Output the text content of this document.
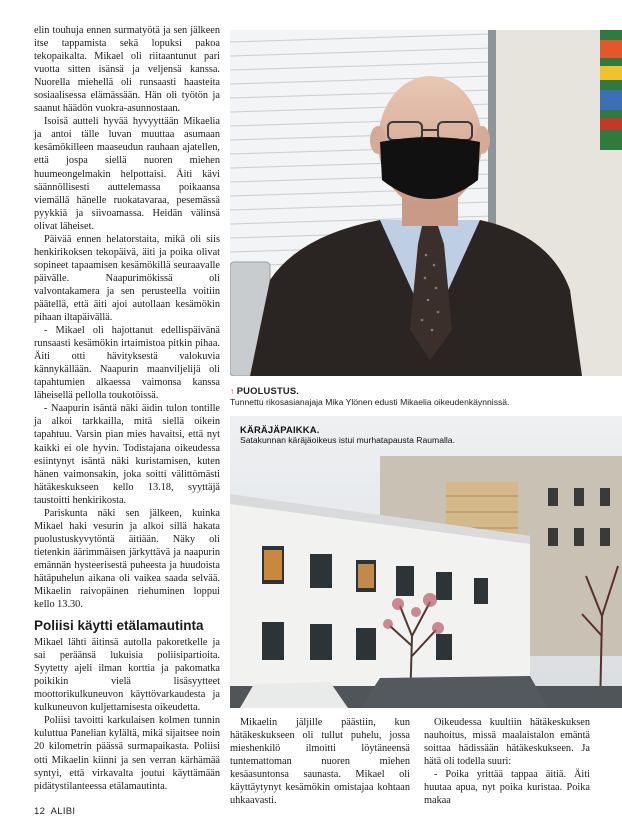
elin touhuja ennen surmatyötä ja sen jälkeen itse tappamista sekä lopuksi pakoa tekopaikalta. Mikael oli riitaantunut pari vuotta sitten isänsä ja veljensä kanssa. Nuorella miehellä oli runsaasti haasteita sosiaalisessa elämässään. Hän oli työtön ja saanut häädön vuokra-asunnostaan.

Isoisä autteli hyvää hyvyyttään Mikaelia ja antoi tälle luvan muuttaa asumaan kesämökilleen maaseudun rauhaan ajatellen, että jospa siellä nuoren miehen huumeongelmakin helpottaisi. Äiti kävi säännöllisesti auttelemassa poikaansa viemällä hänelle ruokatavaraa, pesemässä pyykkiä ja siivoamassa. Heidän välinsä olivat läheiset.

Päivää ennen helatorstaita, mikä oli siis henkirikoksen tekopäivä, äiti ja poika olivat sopineet tapaamisen kesämökillä seuraavalle päivälle. Naapurimökissä oli valvontakamera ja sen perusteella voitiin päätellä, että äiti ajoi autollaan kesämökin pihaan iltapäivällä.

- Mikael oli hajottanut edellispäivänä runsaasti kesämökin irtaimistoa pitkin pihaa. Äiti otti hävityksestä valokuvia kännykällään. Naapurin maanviljelijä oli tapahtumien alkaessa vaimonsa kanssa läheisellä pellolla toukotöissä.

- Naapurin isäntä näki äidin tulon tontille ja alkoi tarkkailla, mitä siellä oikein tapahtuu. Varsin pian mies havaitsi, että nyt kaikki ei ole hyvin. Todistajana oikeudessa esiintynyt isäntä näki kuristamisen, kuten hänen vaimonsakin, joka soitti välittömästi hätäkeskukseen kello 13.18, syyttäjä taustoitti henkirikosta.

Pariskunta näki sen jälkeen, kuinka Mikael haki vesurin ja alkoi sillä hakata puolustuskyvytöntä äitiään. Näky oli tietenkin äärimmäisen järkyttävä ja naapurin emännän hysteerisestä puheesta ja huudoista hätäpuhelun aikana oli vaikea saada selvää. Mikaelin raivopäinen riehuminen loppui kello 13.30.

Poliisi käytti etälamautinta

Mikael lähti äitinsä autolla pakoretkelle ja sai peräänsä lukuisia poliisipartioita. Syytetty ajeli ilman korttia ja pakomatka poikikin vielä lisäsyytteet moottorikulkuneuvon käyttövarkaudesta ja kulkuneuvon kuljettamisesta oikeudetta.

Poliisi tavoitti karkulaisen kolmen tunnin kuluttua Panelian kylältä, mikä sijaitsee noin 20 kilometrin päässä surmapaikasta. Poliisi otti Mikaelin kiinni ja sen verran kärhämää syntyi, että virkavalta joutui käyttämään pidätystilanteessa etälamautinta.

↑ PUOLUSTUS.
Tunnettu rikosasianajaja Mika Ylönen edusti Mikaelia oikeudenkäynnissä.
KÄRÄJÄPAIKKA.
Satakunnan käräjäoikeus istui murhatapausta Raumalla.

Mikaelin jäljille päästiin, kun hätäkeskukseen oli tullut puhelu, jossa mieshenkilö ilmoitti löytäneensä tuntemattoman nuoren miehen kesäasuntonsa saunasta. Mikael oli käyttäytynyt kesämökin omistajaa kohtaan uhkaavasti.

Oikeudessa kuultiin hätäkeskuksen nauhoitus, missä maalaistalon emäntä soittaa hädissään hätäkeskukseen. Ja hätä oli todella suuri:

- Poika yrittää tappaa äitiä. Äiti huutaa apua, nyt poika kuristaa. Poika makaa

12 ALIBI
